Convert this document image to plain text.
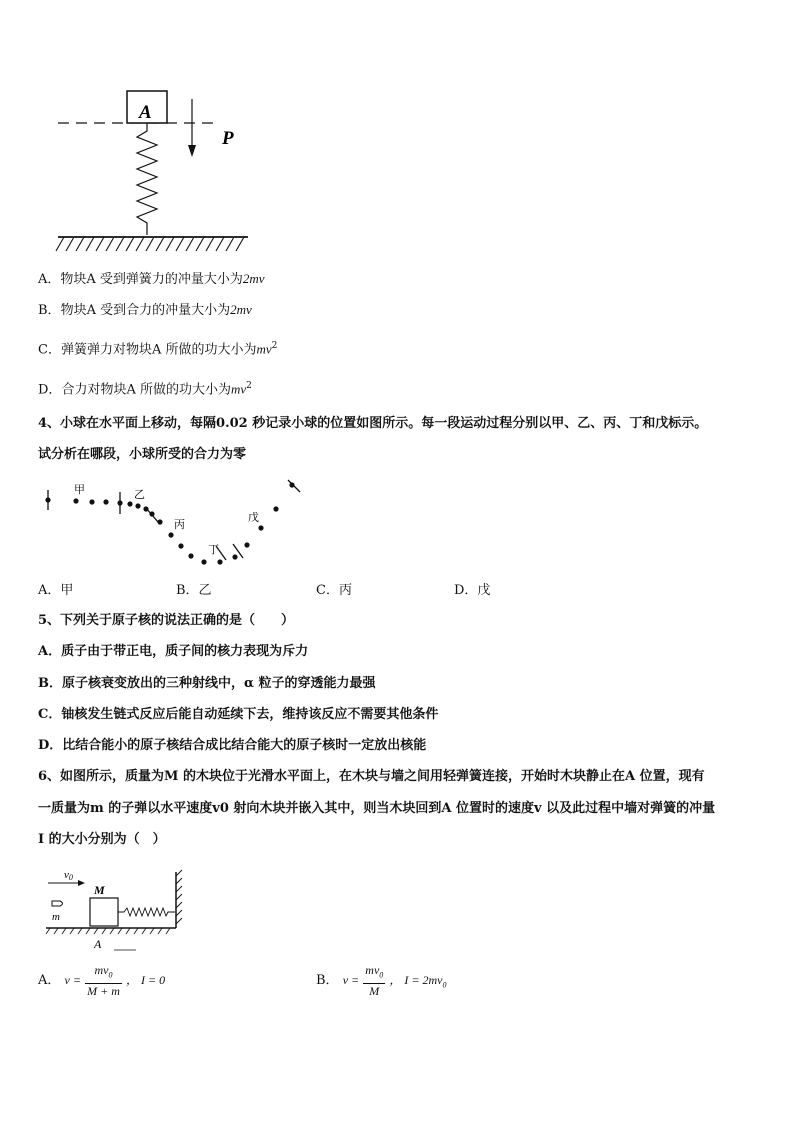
A
P
A．物块A 受到弹簧力的冲量大小为2mv
B．物块A 受到合力的冲量大小为2mv
C．弹簧弹力对物块A 所做的功大小为$mv^2$
D．合力对物块A 所做的功大小为$mv^2$
4、小球在水平面上移动，每隔0.02 秒记录小球的位置如图所示。每一段运动过程分别以甲、乙、丙、丁和戊标示。
试分析在哪段，小球所受的合力为零
甲	乙
丙
丁
戊
A．甲	B．乙	C．丙	D．戊
5、下列关于原子核的说法正确的是（　　）
A．质子由于带正电，质子间的核力表现为斥力
B．原子核衰变放出的三种射线中，α 粒子的穿透能力最强
C．铀核发生链式反应后能自动延续下去，维持该反应不需要其他条件
D．比结合能小的原子核结合成比结合能大的原子核时一定放出核能
6、如图所示，质量为M 的木块位于光滑水平面上，在木块与墙之间用轻弹簧连接，开始时木块静止在A 位置，现有
一质量为m 的子弹以水平速度v0 射向木块并嵌入其中，则当木块回到A 位置时的速度v 以及此过程中墙对弹簧的冲量
I 的大小分别为（　）
v0
m
M
A
A． $v = \frac{mv_0}{M + m}$ ， I = 0	B． $v = \frac{mv_0}{M}$ ， $I = 2mv_0$
